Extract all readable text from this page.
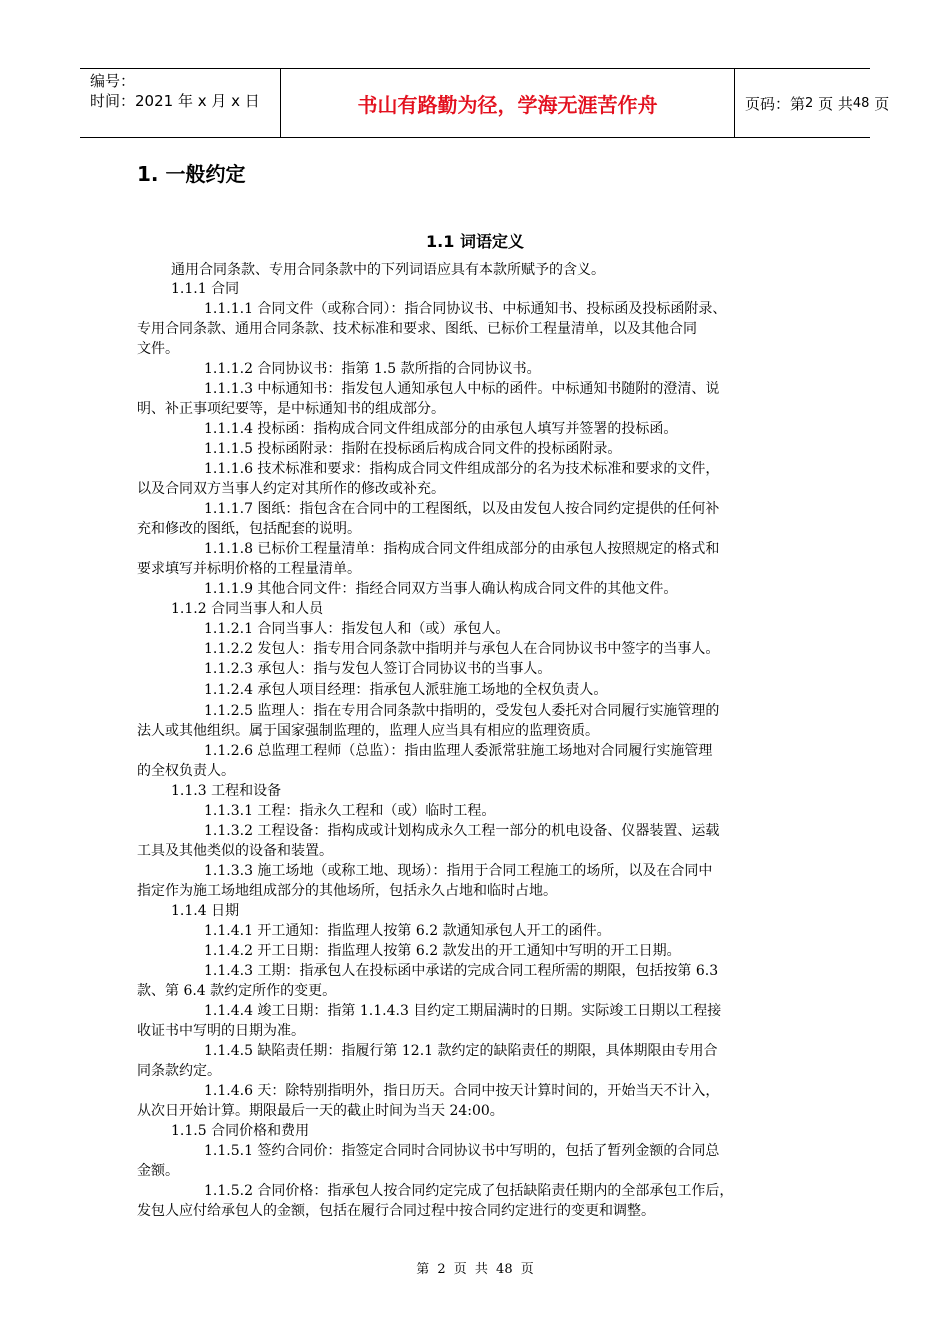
编号：
时间：2021 年 x 月 x 日	书山有路勤为径，学海无涯苦作舟	页码：第 2
页 共 48
页
1. 一般约定
1.1 词语定义
通用合同条款、专用合同条款中的下列词语应具有本款所赋予的含义。
1.1.1 合同
1.1.1.1 合同文件（或称合同）：指合同协议书、中标通知书、投标函及投标函附录、
专用合同条款、通用合同条款、技术标准和要求、图纸、已标价工程量清单，以及其他合同
文件。
1.1.1.2 合同协议书：指第 1.5 款所指的合同协议书。
1.1.1.3 中标通知书：指发包人通知承包人中标的函件。中标通知书随附的澄清、说
明、补正事项纪要等，是中标通知书的组成部分。
1.1.1.4 投标函：指构成合同文件组成部分的由承包人填写并签署的投标函。
1.1.1.5 投标函附录：指附在投标函后构成合同文件的投标函附录。
1.1.1.6 技术标准和要求：指构成合同文件组成部分的名为技术标准和要求的文件，
以及合同双方当事人约定对其所作的修改或补充。
1.1.1.7 图纸：指包含在合同中的工程图纸，以及由发包人按合同约定提供的任何补
充和修改的图纸，包括配套的说明。
1.1.1.8 已标价工程量清单：指构成合同文件组成部分的由承包人按照规定的格式和
要求填写并标明价格的工程量清单。
1.1.1.9 其他合同文件：指经合同双方当事人确认构成合同文件的其他文件。
1.1.2 合同当事人和人员
1.1.2.1 合同当事人：指发包人和（或）承包人。
1.1.2.2 发包人：指专用合同条款中指明并与承包人在合同协议书中签字的当事人。
1.1.2.3 承包人：指与发包人签订合同协议书的当事人。
1.1.2.4 承包人项目经理：指承包人派驻施工场地的全权负责人。
1.1.2.5 监理人：指在专用合同条款中指明的，受发包人委托对合同履行实施管理的
法人或其他组织。属于国家强制监理的，监理人应当具有相应的监理资质。
1.1.2.6 总监理工程师（总监）：指由监理人委派常驻施工场地对合同履行实施管理
的全权负责人。
1.1.3 工程和设备
1.1.3.1 工程：指永久工程和（或）临时工程。
1.1.3.2 工程设备：指构成或计划构成永久工程一部分的机电设备、仪器装置、运载
工具及其他类似的设备和装置。
1.1.3.3 施工场地（或称工地、现场）：指用于合同工程施工的场所，以及在合同中
指定作为施工场地组成部分的其他场所，包括永久占地和临时占地。
1.1.4 日期
1.1.4.1 开工通知：指监理人按第 6.2 款通知承包人开工的函件。
1.1.4.2 开工日期：指监理人按第 6.2 款发出的开工通知中写明的开工日期。
1.1.4.3 工期：指承包人在投标函中承诺的完成合同工程所需的期限，包括按第 6.3
款、第 6.4 款约定所作的变更。
1.1.4.4 竣工日期：指第 1.1.4.3 目约定工期届满时的日期。实际竣工日期以工程接
收证书中写明的日期为准。
1.1.4.5 缺陷责任期：指履行第 12.1 款约定的缺陷责任的期限，具体期限由专用合
同条款约定。
1.1.4.6 天：除特别指明外，指日历天。合同中按天计算时间的，开始当天不计入，
从次日开始计算。期限最后一天的截止时间为当天 24:00。
1.1.5 合同价格和费用
1.1.5.1 签约合同价：指签定合同时合同协议书中写明的，包括了暂列金额的合同总
金额。
1.1.5.2 合同价格：指承包人按合同约定完成了包括缺陷责任期内的全部承包工作后，
发包人应付给承包人的金额，包括在履行合同过程中按合同约定进行的变更和调整。
第 2 页 共 48 页
